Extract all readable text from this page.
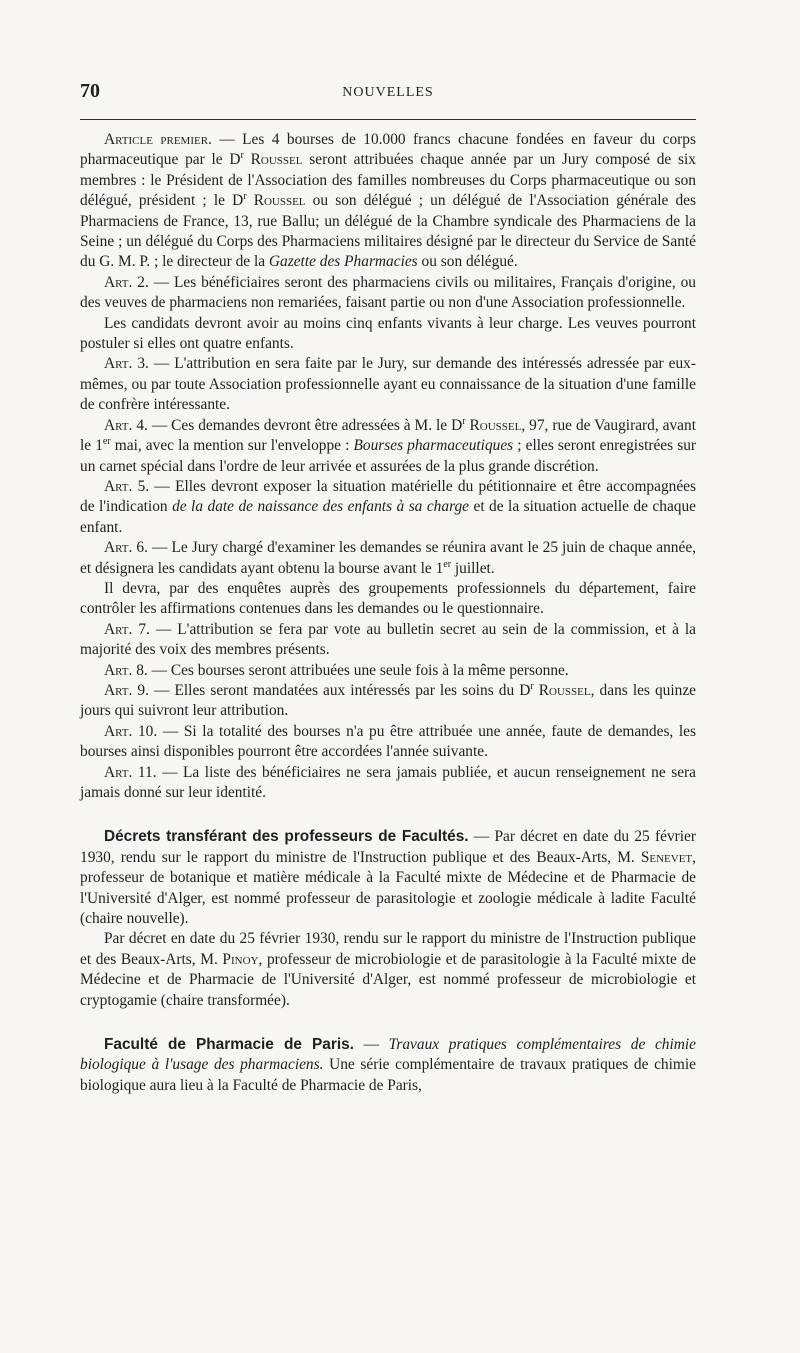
70	NOUVELLES

Article premier. — Les 4 bourses de 10.000 francs chacune fondées en faveur du corps pharmaceutique par le $D^r$ Roussel seront attribuées chaque année par un Jury composé de six membres : le Président de l'Association des familles nombreuses du Corps pharmaceutique ou son délégué, président ; le $D^r$ Roussel ou son délégué ; un délégué de l'Association générale des Pharmaciens de France, 13, rue Ballu; un délégué de la Chambre syndicale des Pharmaciens de la Seine ; un délégué du Corps des Pharmaciens militaires désigné par le directeur du Service de Santé du G. M. P. ; le directeur de la Gazette des Pharmacies ou son délégué.

Art. 2. — Les bénéficiaires seront des pharmaciens civils ou militaires, Français d'origine, ou des veuves de pharmaciens non remariées, faisant partie ou non d'une Association professionnelle.

Les candidats devront avoir au moins cinq enfants vivants à leur charge. Les veuves pourront postuler si elles ont quatre enfants.

Art. 3. — L'attribution en sera faite par le Jury, sur demande des intéressés adressée par eux-mêmes, ou par toute Association professionnelle ayant eu connaissance de la situation d'une famille de confrère intéressante.

Art. 4. — Ces demandes devront être adressées à M. le $D^r$ Roussel, 97, rue de Vaugirard, avant le 1er mai, avec la mention sur l'enveloppe : Bourses pharmaceutiques ; elles seront enregistrées sur un carnet spécial dans l'ordre de leur arrivée et assurées de la plus grande discrétion.

Art. 5. — Elles devront exposer la situation matérielle du pétitionnaire et être accompagnées de l'indication de la date de naissance des enfants à sa charge et de la situation actuelle de chaque enfant.

Art. 6. — Le Jury chargé d'examiner les demandes se réunira avant le 25 juin de chaque année, et désignera les candidats ayant obtenu la bourse avant le 1er juillet.

Il devra, par des enquêtes auprès des groupements professionnels du département, faire contrôler les affirmations contenues dans les demandes ou le questionnaire.

Art. 7. — L'attribution se fera par vote au bulletin secret au sein de la commission, et à la majorité des voix des membres présents.

Art. 8. — Ces bourses seront attribuées une seule fois à la même personne.

Art. 9. — Elles seront mandatées aux intéressés par les soins du $D^r$ Roussel, dans les quinze jours qui suivront leur attribution.

Art. 10. — Si la totalité des bourses n'a pu être attribuée une année, faute de demandes, les bourses ainsi disponibles pourront être accordées l'année suivante.

Art. 11. — La liste des bénéficiaires ne sera jamais publiée, et aucun renseignement ne sera jamais donné sur leur identité.

Décrets transférant des professeurs de Facultés. — Par décret en date du 25 février 1930, rendu sur le rapport du ministre de l'Instruction publique et des Beaux-Arts, M. Senevet, professeur de botanique et matière médicale à la Faculté mixte de Médecine et de Pharmacie de l'Université d'Alger, est nommé professeur de parasitologie et zoologie médicale à ladite Faculté (chaire nouvelle).

Par décret en date du 25 février 1930, rendu sur le rapport du ministre de l'Instruction publique et des Beaux-Arts, M. Pinoy, professeur de microbiologie et de parasitologie à la Faculté mixte de Médecine et de Pharmacie de l'Université d'Alger, est nommé professeur de microbiologie et cryptogamie (chaire transformée).

Faculté de Pharmacie de Paris. — Travaux pratiques complémentaires de chimie biologique à l'usage des pharmaciens. Une série complémentaire de travaux pratiques de chimie biologique aura lieu à la Faculté de Pharmacie de Paris,
